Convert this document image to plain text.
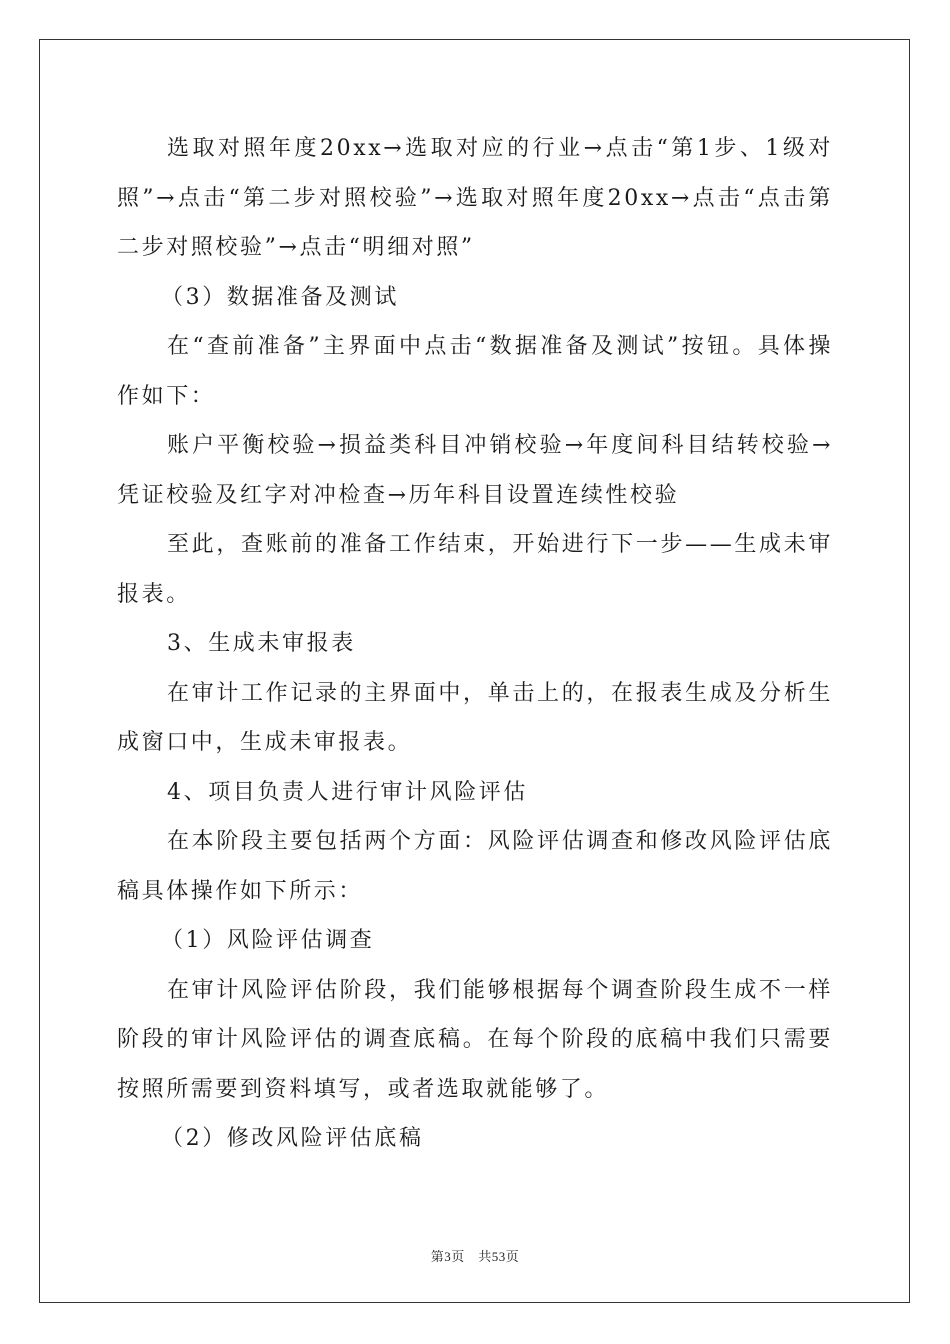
选取对照年度20xx→选取对应的行业→点击“第1步、1级对照”→点击“第二步对照校验”→选取对照年度20xx→点击“点击第二步对照校验”→点击“明细对照”

（3）数据准备及测试

在“查前准备”主界面中点击“数据准备及测试”按钮。具体操作如下：

账户平衡校验→损益类科目冲销校验→年度间科目结转校验→凭证校验及红字对冲检查→历年科目设置连续性校验

至此，查账前的准备工作结束，开始进行下一步——生成未审报表。

3、生成未审报表

在审计工作记录的主界面中，单击上的，在报表生成及分析生成窗口中，生成未审报表。

4、项目负责人进行审计风险评估

在本阶段主要包括两个方面：风险评估调查和修改风险评估底稿具体操作如下所示：

（1）风险评估调查

在审计风险评估阶段，我们能够根据每个调查阶段生成不一样阶段的审计风险评估的调查底稿。在每个阶段的底稿中我们只需要按照所需要到资料填写，或者选取就能够了。

（2）修改风险评估底稿

第3页　共53页
